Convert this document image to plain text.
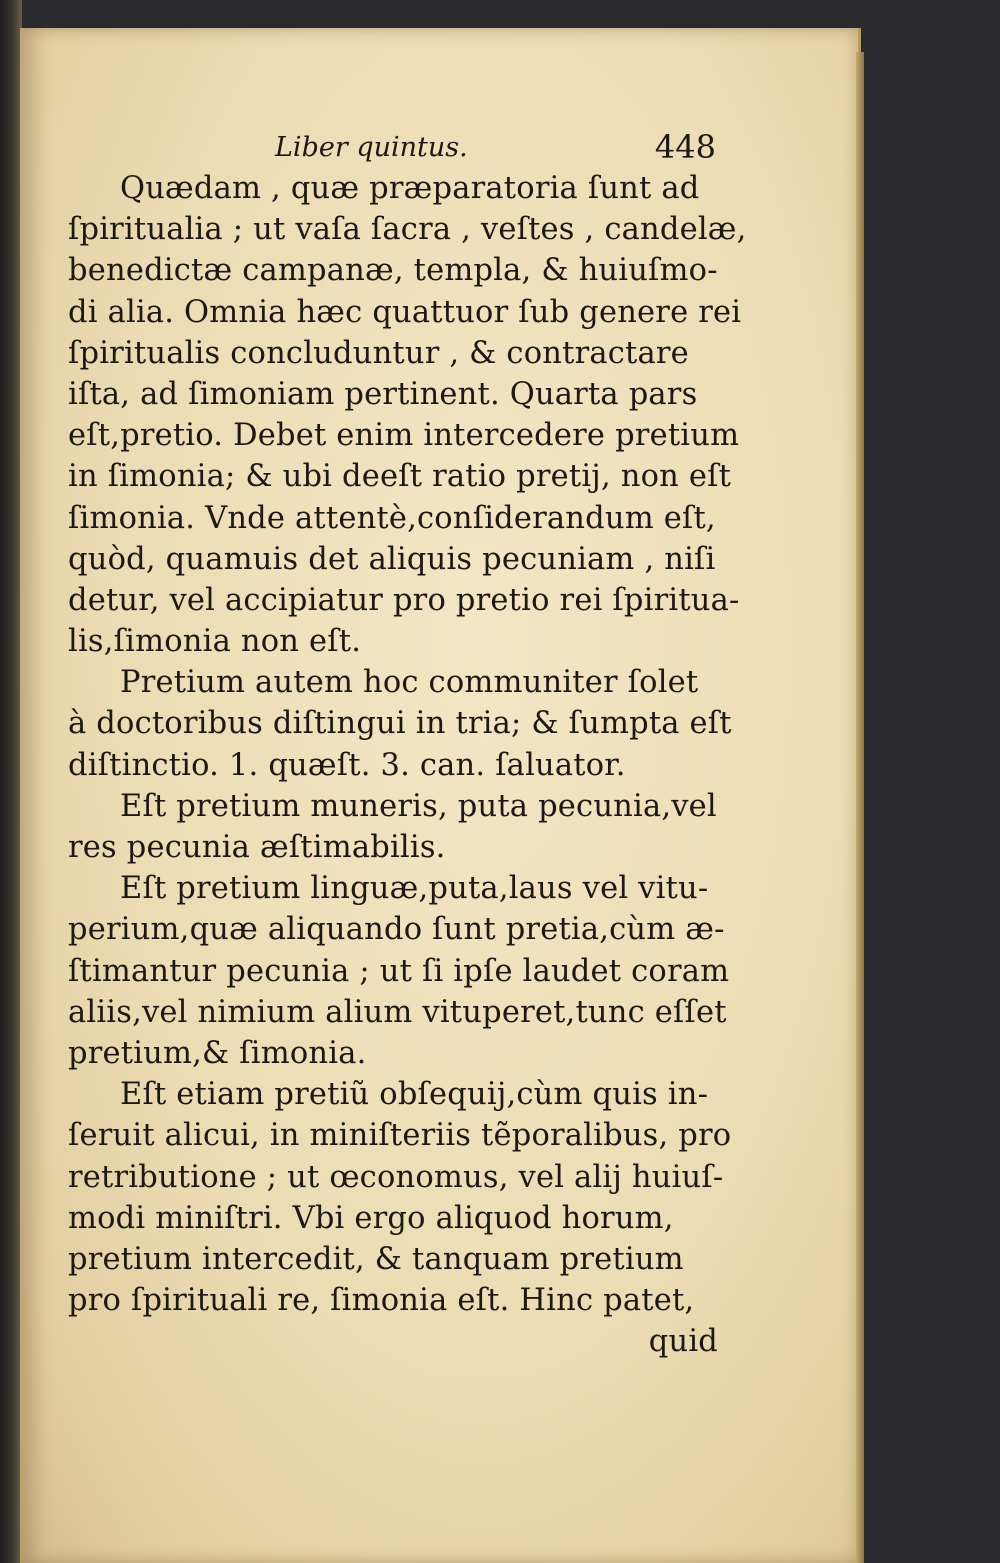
Liber quintus.	448
Quædam , quæ præparatoria ſunt ad
ſpiritualia ; ut vaſa ſacra , veſtes , candelæ,
benedictæ campanæ, templa, & huiuſmo-
di alia. Omnia hæc quattuor ſub genere rei
ſpiritualis concluduntur , & contractare
iſta, ad ſimoniam pertinent. Quarta pars
eſt,pretio. Debet enim intercedere pretium
in ſimonia; & ubi deeſt ratio pretij, non eſt
ſimonia. Vnde attentè,conſiderandum eſt,
quòd, quamuis det aliquis pecuniam , niſi
detur, vel accipiatur pro pretio rei ſpiritua-
lis,ſimonia non eſt.
Pretium autem hoc communiter ſolet
à doctoribus diſtingui in tria; & ſumpta eſt
diſtinctio. 1. quæſt. 3. can. ſaluator.
Eſt pretium muneris, puta pecunia,vel
res pecunia æſtimabilis.
Eſt pretium linguæ,puta,laus vel vitu-
perium,quæ aliquando ſunt pretia,cùm æ-
ſtimantur pecunia ; ut ſi ipſe laudet coram
aliis,vel nimium alium vituperet,tunc eſſet
pretium,& ſimonia.
Eſt etiam pretiũ obſequij,cùm quis in-
ſeruit alicui, in miniſteriis tẽporalibus, pro
retributione ; ut œconomus, vel alij huiuſ-
modi miniſtri. Vbi ergo aliquod horum,
pretium intercedit, & tanquam pretium
pro ſpirituali re, ſimonia eſt. Hinc patet,
quid
